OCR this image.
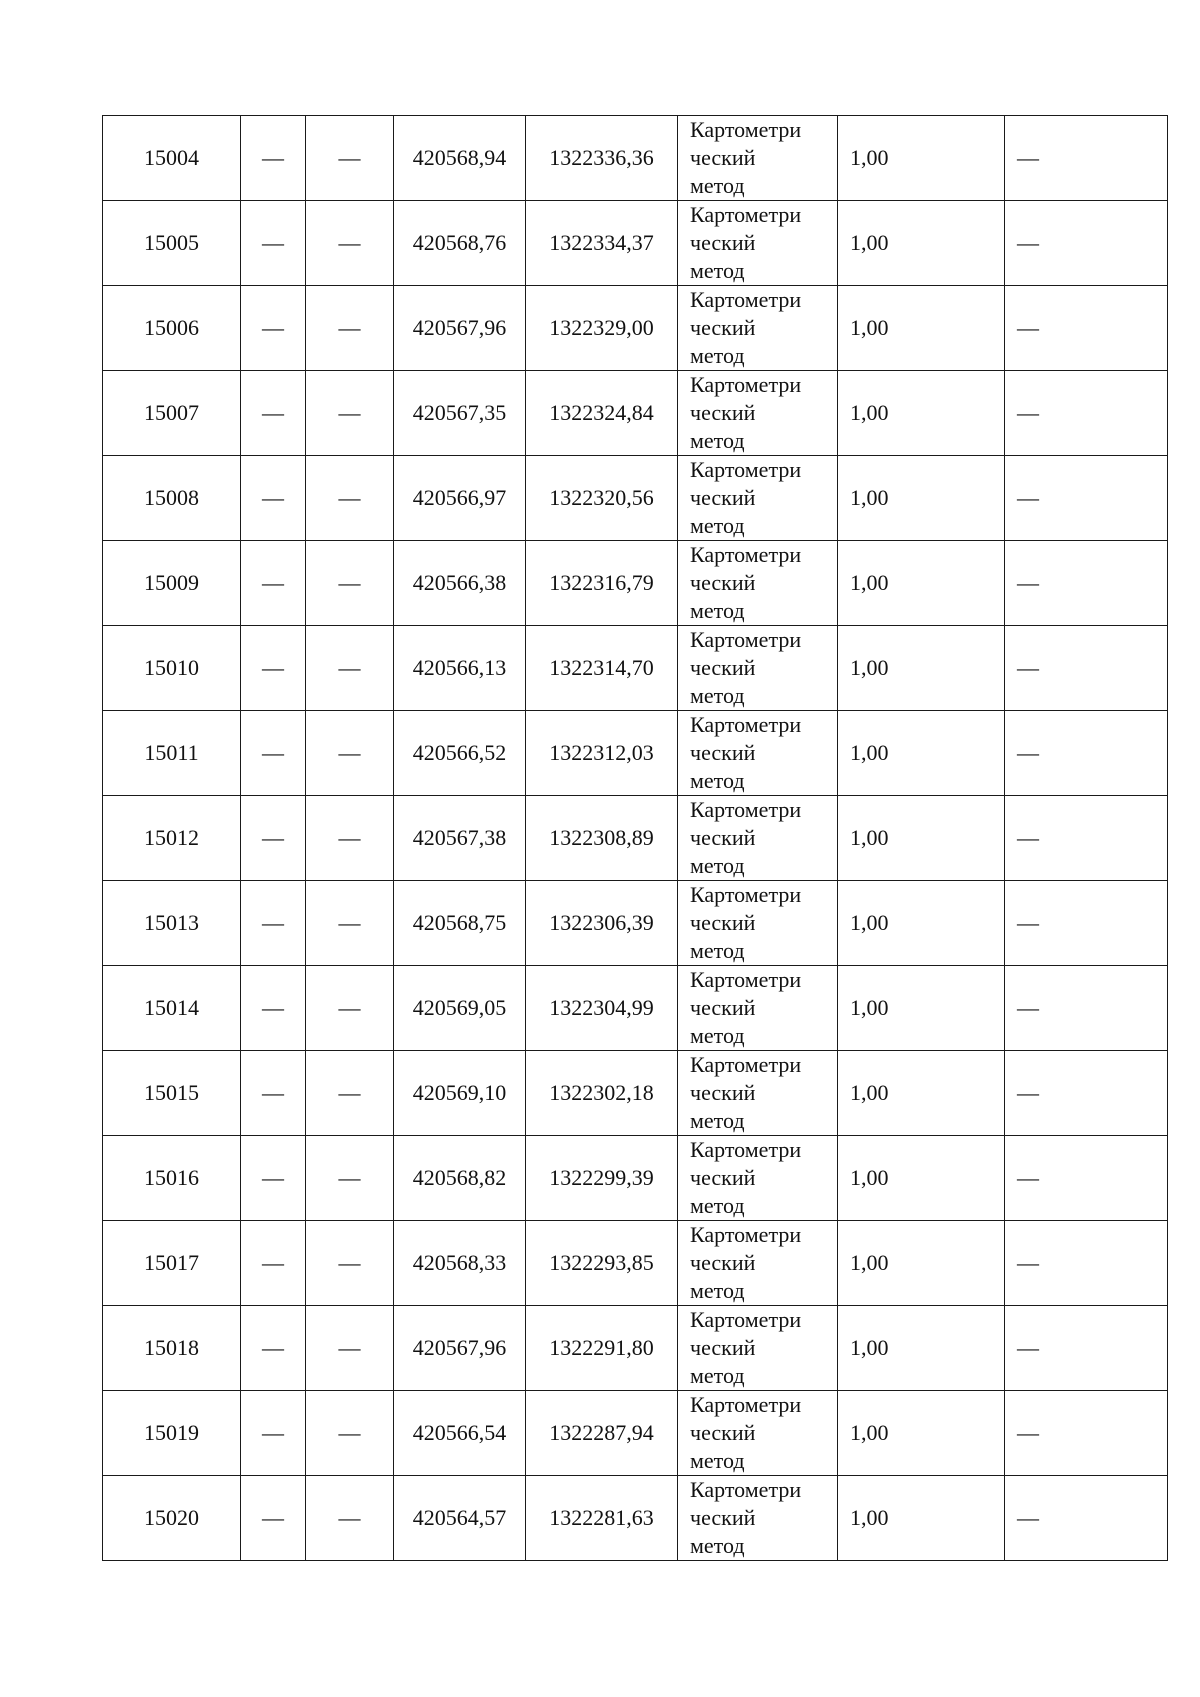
15004	—	—	420568,94	1322336,36	Картометри
ческий
метод	1,00	—
15005	—	—	420568,76	1322334,37	Картометри
ческий
метод	1,00	—
15006	—	—	420567,96	1322329,00	Картометри
ческий
метод	1,00	—
15007	—	—	420567,35	1322324,84	Картометри
ческий
метод	1,00	—
15008	—	—	420566,97	1322320,56	Картометри
ческий
метод	1,00	—
15009	—	—	420566,38	1322316,79	Картометри
ческий
метод	1,00	—
15010	—	—	420566,13	1322314,70	Картометри
ческий
метод	1,00	—
15011	—	—	420566,52	1322312,03	Картометри
ческий
метод	1,00	—
15012	—	—	420567,38	1322308,89	Картометри
ческий
метод	1,00	—
15013	—	—	420568,75	1322306,39	Картометри
ческий
метод	1,00	—
15014	—	—	420569,05	1322304,99	Картометри
ческий
метод	1,00	—
15015	—	—	420569,10	1322302,18	Картометри
ческий
метод	1,00	—
15016	—	—	420568,82	1322299,39	Картометри
ческий
метод	1,00	—
15017	—	—	420568,33	1322293,85	Картометри
ческий
метод	1,00	—
15018	—	—	420567,96	1322291,80	Картометри
ческий
метод	1,00	—
15019	—	—	420566,54	1322287,94	Картометри
ческий
метод	1,00	—
15020	—	—	420564,57	1322281,63	Картометри
ческий
метод	1,00	—
